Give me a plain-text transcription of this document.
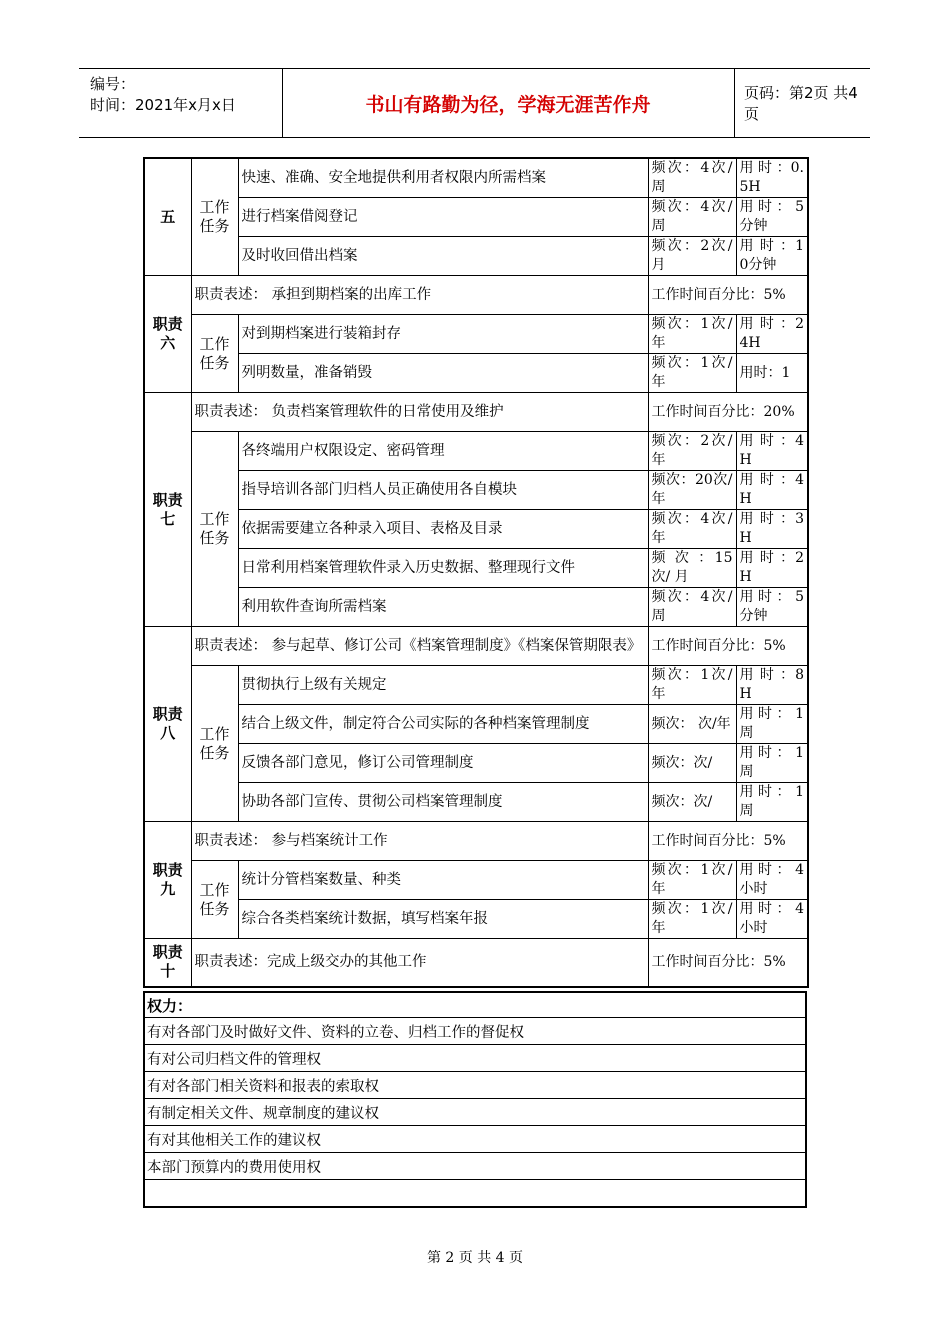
编号：
时间：2021年x月x日	书山有路勤为径，学海无涯苦作舟
页码：第2页 共4页
五	工作任务	快速、准确、安全地提供利用者权限内所需档案	频次：4次/周	用 时 ：0.5H
		进行档案借阅登记	频次：4次/周	用时：5分钟
		及时收回借出档案	频次：2次/月	用 时 ：10分钟
职责六	职责表述： 承担到期档案的出库工作		工作时间百分比：5%	
	工作任务	对到期档案进行装箱封存	频次：1次/ 年	用 时 ：24H
		列明数量，准备销毁	频次：1次/年	用时：1
职责七	职责表述： 负责档案管理软件的日常使用及维护		工作时间百分比：20%	
	工作任务	各终端用户权限设定、密码管理	频次：2次/ 年	用 时 ：4H
		指导培训各部门归档人员正确使用各自模块	频次：20次/年	用 时 ：4H
		依据需要建立各种录入项目、表格及目录	频次：4次/年	用 时 ：3H
		日常利用档案管理软件录入历史数据、整理现行文件	频 次 ：15次/ 月	用 时 ：2H
		利用软件查询所需档案	频次：4次/周	用时：5分钟
职责八	职责表述： 参与起草、修订公司《档案管理制度》《档案保管期限表》		工作时间百分比：5%	
	工作任务	贯彻执行上级有关规定	频次：1次/年	用 时 ：8H
		结合上级文件，制定符合公司实际的各种档案管理制度	频次： 次/年	用时：1周
		反馈各部门意见，修订公司管理制度	频次：次/	用时：1周
		协助各部门宣传、贯彻公司档案管理制度	频次：次/	用时：1周
职责九	职责表述： 参与档案统计工作		工作时间百分比：5%	
	工作任务	统计分管档案数量、种类	频次：1次/年	用时：4小时
		综合各类档案统计数据，填写档案年报	频次：1次/年	用时：4小时
职责十	职责表述：完成上级交办的其他工作		工作时间百分比：5%	
权力：
有对各部门及时做好文件、资料的立卷、归档工作的督促权
有对公司归档文件的管理权
有对各部门相关资料和报表的索取权
有制定相关文件、规章制度的建议权
有对其他相关工作的建议权
本部门预算内的费用使用权

第 2 页 共 4 页
